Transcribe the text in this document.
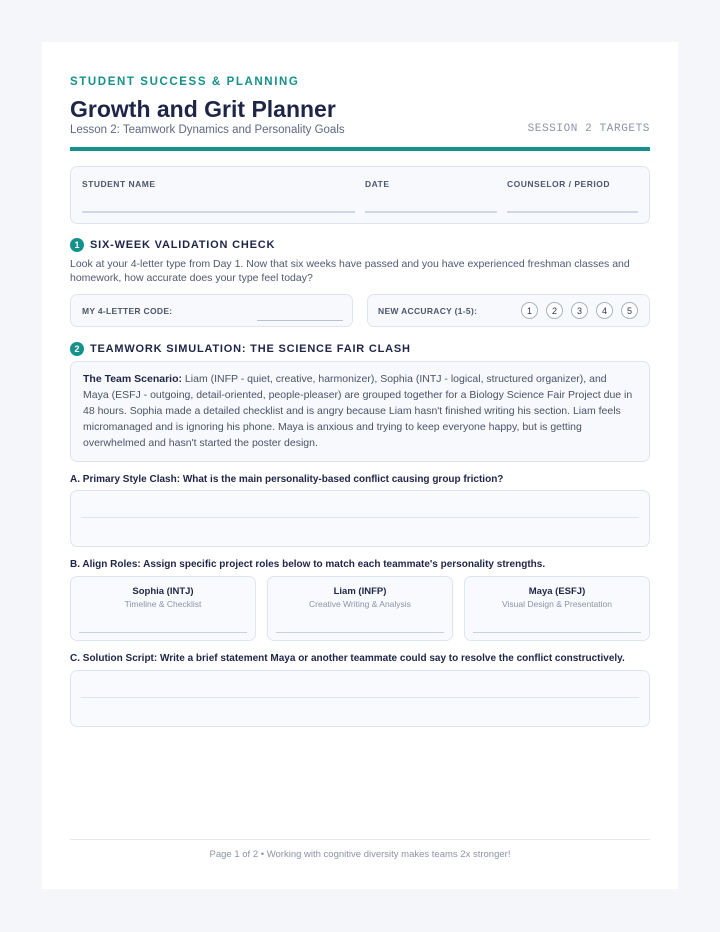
STUDENT SUCCESS & PLANNING
Growth and Grit Planner
Lesson 2: Teamwork Dynamics and Personality Goals	SESSION 2 TARGETS
STUDENT NAME	DATE	COUNSELOR / PERIOD
1 SIX-WEEK VALIDATION CHECK
Look at your 4-letter type from Day 1. Now that six weeks have passed and you have experienced freshman classes and homework, how accurate does your type feel today?
MY 4-LETTER CODE:	NEW ACCURACY (1-5):	1	2	3	4	5
2 TEAMWORK SIMULATION: THE SCIENCE FAIR CLASH
The Team Scenario: Liam (INFP - quiet, creative, harmonizer), Sophia (INTJ - logical, structured organizer), and Maya (ESFJ - outgoing, detail-oriented, people-pleaser) are grouped together for a Biology Science Fair Project due in 48 hours. Sophia made a detailed checklist and is angry because Liam hasn't finished writing his section. Liam feels micromanaged and is ignoring his phone. Maya is anxious and trying to keep everyone happy, but is getting overwhelmed and hasn't started the poster design.
A. Primary Style Clash: What is the main personality-based conflict causing group friction?
B. Align Roles: Assign specific project roles below to match each teammate's personality strengths.
Sophia (INTJ)
Timeline & Checklist
Liam (INFP)
Creative Writing & Analysis
Maya (ESFJ)
Visual Design & Presentation
C. Solution Script: Write a brief statement Maya or another teammate could say to resolve the conflict constructively.
Page 1 of 2 • Working with cognitive diversity makes teams 2x stronger!
